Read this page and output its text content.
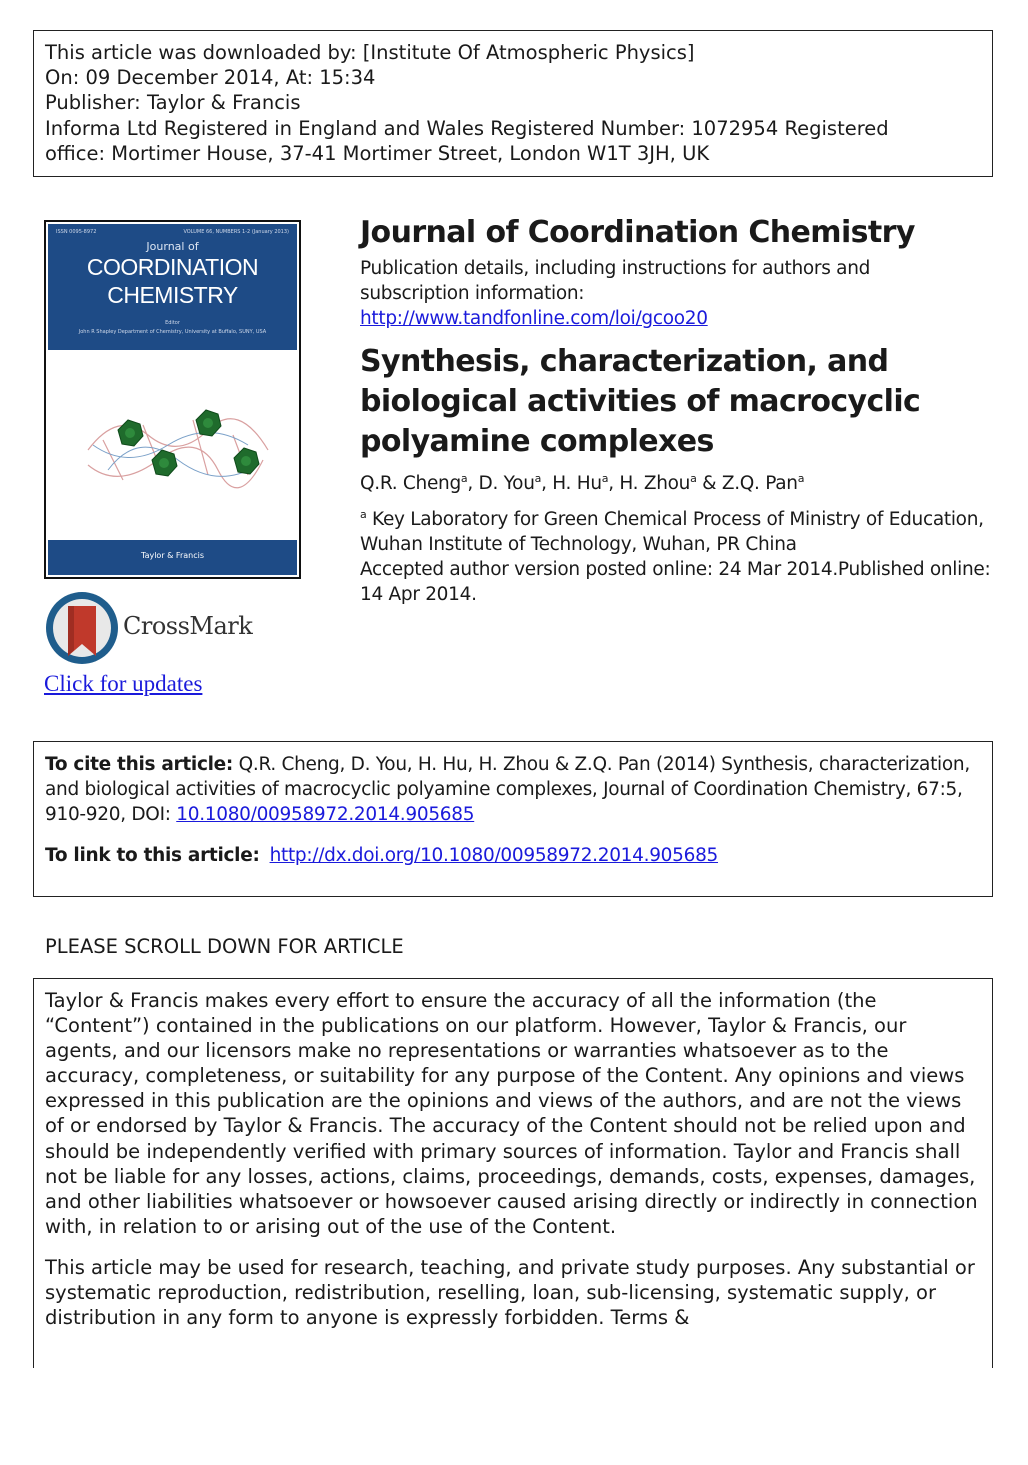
This article was downloaded by: [Institute Of Atmospheric Physics]
On: 09 December 2014, At: 15:34
Publisher: Taylor & Francis
Informa Ltd Registered in England and Wales Registered Number: 1072954 Registered
office: Mortimer House, 37-41 Mortimer Street, London W1T 3JH, UK
ISSN 0095-8972	VOLUME 66, NUMBERS 1-2 (January 2013)
Journal of
COORDINATION
CHEMISTRY
Editor
John R Shapley Department of Chemistry, University at Buffalo, SUNY, USA
Taylor & Francis
CrossMark
Click for updates
Journal of Coordination Chemistry
Publication details, including instructions for authors and
subscription information:
http://www.tandfonline.com/loi/gcoo20
Synthesis, characterization, and biological activities of macrocyclic polyamine complexes
Q.R. Cheng$^a$, D. You$^a$, H. Hu$^a$, H. Zhou$^a$ & Z.Q. Pan$^a$
$^a$ Key Laboratory for Green Chemical Process of Ministry of Education, Wuhan Institute of Technology, Wuhan, PR China
Accepted author version posted online: 24 Mar 2014.Published online: 14 Apr 2014.
To cite this article: Q.R. Cheng, D. You, H. Hu, H. Zhou & Z.Q. Pan (2014) Synthesis, characterization, and biological activities of macrocyclic polyamine complexes, Journal of Coordination Chemistry, 67:5, 910-920, DOI: 10.1080/00958972.2014.905685
To link to this article: http://dx.doi.org/10.1080/00958972.2014.905685
PLEASE SCROLL DOWN FOR ARTICLE

Taylor & Francis makes every effort to ensure the accuracy of all the information (the “Content”) contained in the publications on our platform. However, Taylor & Francis, our agents, and our licensors make no representations or warranties whatsoever as to the accuracy, completeness, or suitability for any purpose of the Content. Any opinions and views expressed in this publication are the opinions and views of the authors, and are not the views of or endorsed by Taylor & Francis. The accuracy of the Content should not be relied upon and should be independently verified with primary sources of information. Taylor and Francis shall not be liable for any losses, actions, claims, proceedings, demands, costs, expenses, damages, and other liabilities whatsoever or howsoever caused arising directly or indirectly in connection with, in relation to or arising out of the use of the Content.

This article may be used for research, teaching, and private study purposes. Any substantial or systematic reproduction, redistribution, reselling, loan, sub-licensing, systematic supply, or distribution in any form to anyone is expressly forbidden. Terms &
